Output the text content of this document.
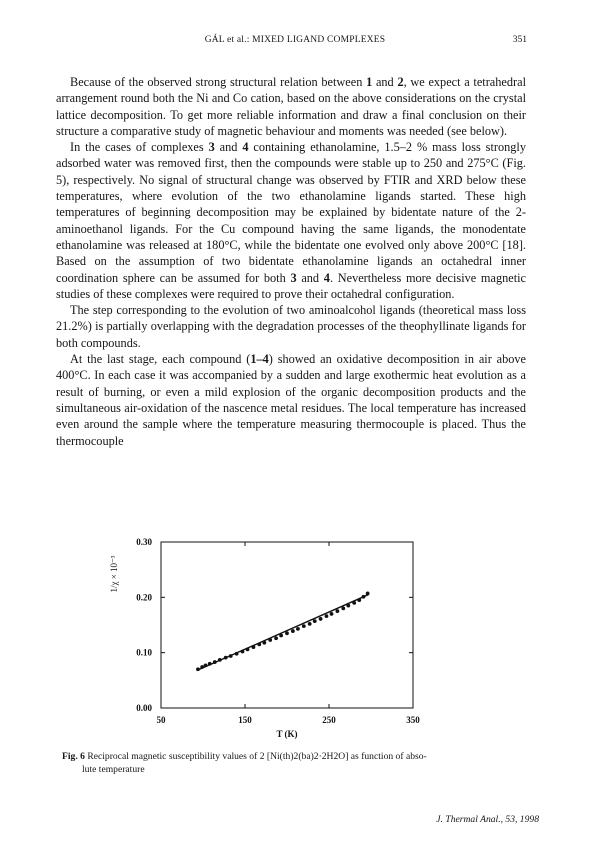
GÁL et al.: MIXED LIGAND COMPLEXES	351

Because of the observed strong structural relation between 1 and 2, we expect a tetrahedral arrangement round both the Ni and Co cation, based on the above considerations on the crystal lattice decomposition. To get more reliable information and draw a final conclusion on their structure a comparative study of magnetic behaviour and moments was needed (see below).

In the cases of complexes 3 and 4 containing ethanolamine, 1.5–2 % mass loss strongly adsorbed water was removed first, then the compounds were stable up to 250 and 275°C (Fig. 5), respectively. No signal of structural change was observed by FTIR and XRD below these temperatures, where evolution of the two ethanolamine ligands started. These high temperatures of beginning decomposition may be explained by bidentate nature of the 2-aminoethanol ligands. For the Cu compound having the same ligands, the monodentate ethanolamine was released at 180°C, while the bidentate one evolved only above 200°C [18]. Based on the assumption of two bidentate ethanolamine ligands an octahedral inner coordination sphere can be assumed for both 3 and 4. Nevertheless more decisive magnetic studies of these complexes were required to prove their octahedral configuration.

The step corresponding to the evolution of two aminoalcohol ligands (theoretical mass loss 21.2%) is partially overlapping with the degradation processes of the theophyllinate ligands for both compounds.

At the last stage, each compound (1–4) showed an oxidative decomposition in air above 400°C. In each case it was accompanied by a sudden and large exothermic heat evolution as a result of burning, or even a mild explosion of the organic decomposition products and the simultaneous air-oxidation of the nascence metal residues. The local temperature has increased even around the sample where the temperature measuring thermocouple is placed. Thus the thermocouple

50	150	250	350
0.00
0.10
0.20
0.30
T (K)
1/χ × 10⁻³
Fig. 6 Reciprocal magnetic susceptibility values of 2 [Ni(th)2(ba)2·2H2O] as function of abso-
lute temperature
J. Thermal Anal., 53, 1998
